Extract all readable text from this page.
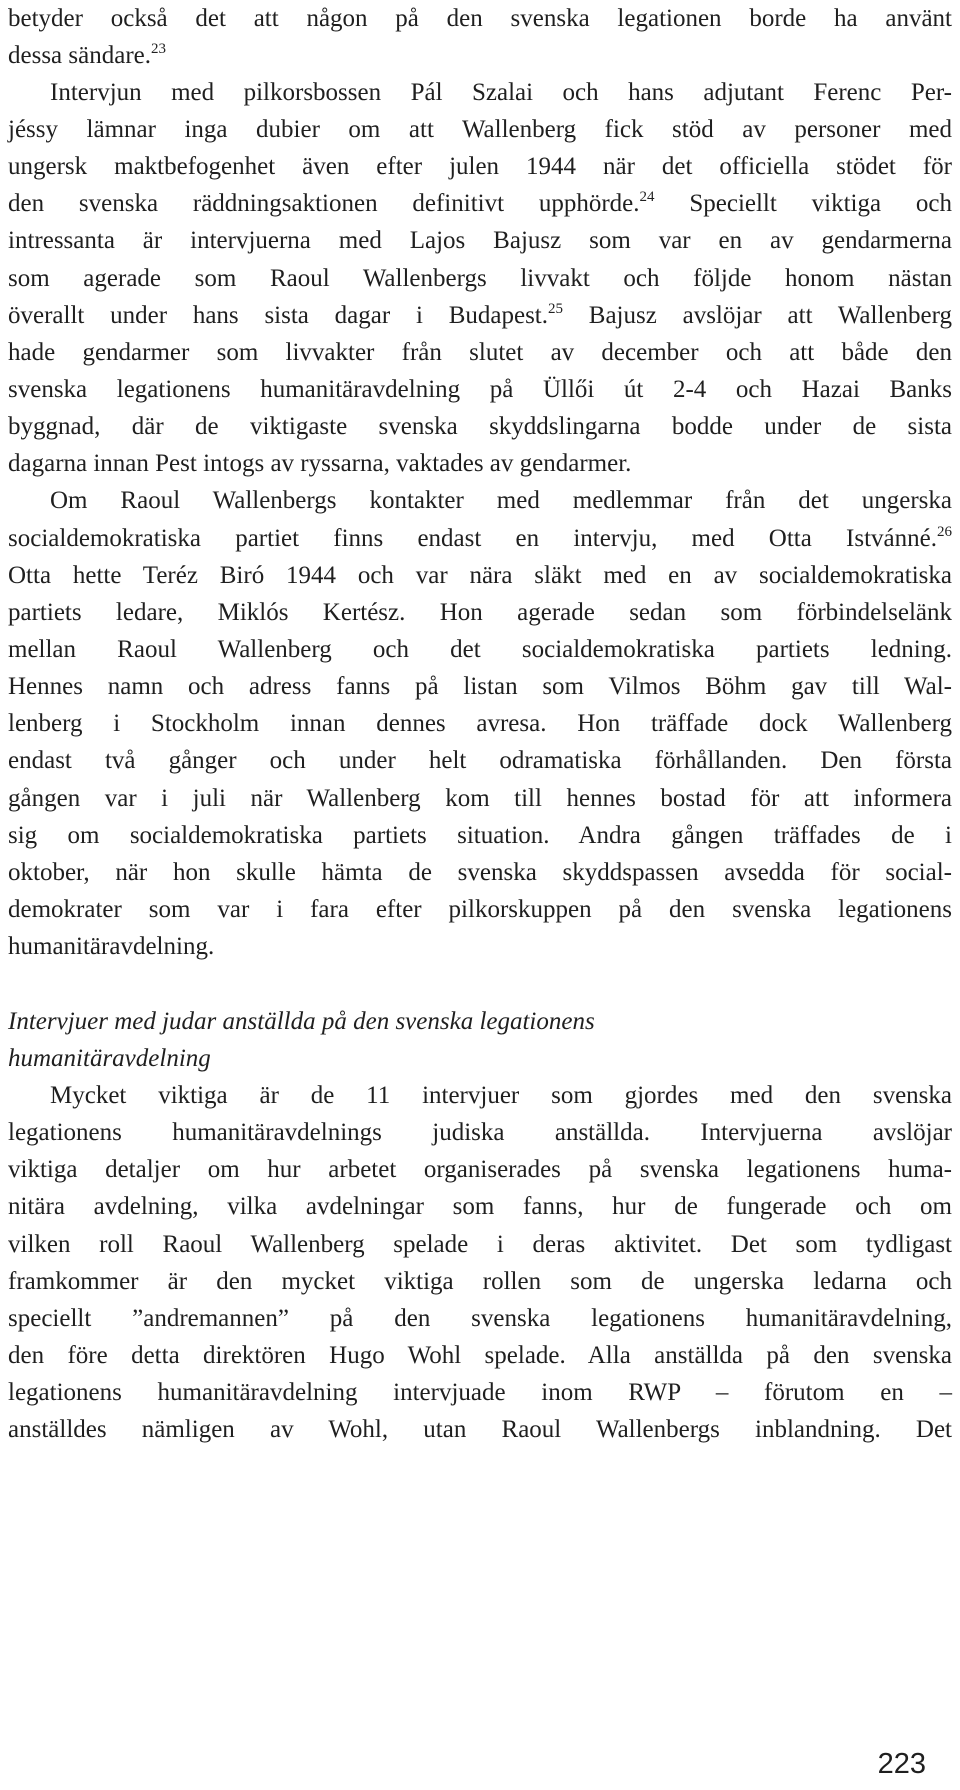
betyder också det att någon på den svenska legationen borde ha använt
dessa sändare.$^{23}$
Intervjun med pilkorsbossen Pál Szalai och hans adjutant Ferenc Per-
jéssy lämnar inga dubier om att Wallenberg fick stöd av personer med
ungersk maktbefogenhet även efter julen 1944 när det officiella stödet för
den svenska räddningsaktionen definitivt upphörde.$^{24}$ Speciellt viktiga och
intressanta är intervjuerna med Lajos Bajusz som var en av gendarmerna
som agerade som Raoul Wallenbergs livvakt och följde honom nästan
överallt under hans sista dagar i Budapest.$^{25}$ Bajusz avslöjar att Wallenberg
hade gendarmer som livvakter från slutet av december och att både den
svenska legationens humanitäravdelning på Üllői út 2-4 och Hazai Banks
byggnad, där de viktigaste svenska skyddslingarna bodde under de sista
dagarna innan Pest intogs av ryssarna, vaktades av gendarmer.
Om Raoul Wallenbergs kontakter med medlemmar från det ungerska
socialdemokratiska partiet finns endast en intervju, med Otta Istvánné.$^{26}$
Otta hette Teréz Biró 1944 och var nära släkt med en av socialdemokratiska
partiets ledare, Miklós Kertész. Hon agerade sedan som förbindelselänk
mellan Raoul Wallenberg och det socialdemokratiska partiets ledning.
Hennes namn och adress fanns på listan som Vilmos Böhm gav till Wal-
lenberg i Stockholm innan dennes avresa. Hon träffade dock Wallenberg
endast två gånger och under helt odramatiska förhållanden. Den första
gången var i juli när Wallenberg kom till hennes bostad för att informera
sig om socialdemokratiska partiets situation. Andra gången träffades de i
oktober, när hon skulle hämta de svenska skyddspassen avsedda för social-
demokrater som var i fara efter pilkorskuppen på den svenska legationens
humanitäravdelning.
Intervjuer med judar anställda på den svenska legationens
humanitäravdelning
Mycket viktiga är de 11 intervjuer som gjordes med den svenska
legationens humanitäravdelnings judiska anställda. Intervjuerna avslöjar
viktiga detaljer om hur arbetet organiserades på svenska legationens huma-
nitära avdelning, vilka avdelningar som fanns, hur de fungerade och om
vilken roll Raoul Wallenberg spelade i deras aktivitet. Det som tydligast
framkommer är den mycket viktiga rollen som de ungerska ledarna och
speciellt ”andremannen” på den svenska legationens humanitäravdelning,
den före detta direktören Hugo Wohl spelade. Alla anställda på den svenska
legationens humanitäravdelning intervjuade inom RWP – förutom en –
anställdes nämligen av Wohl, utan Raoul Wallenbergs inblandning. Det
223
